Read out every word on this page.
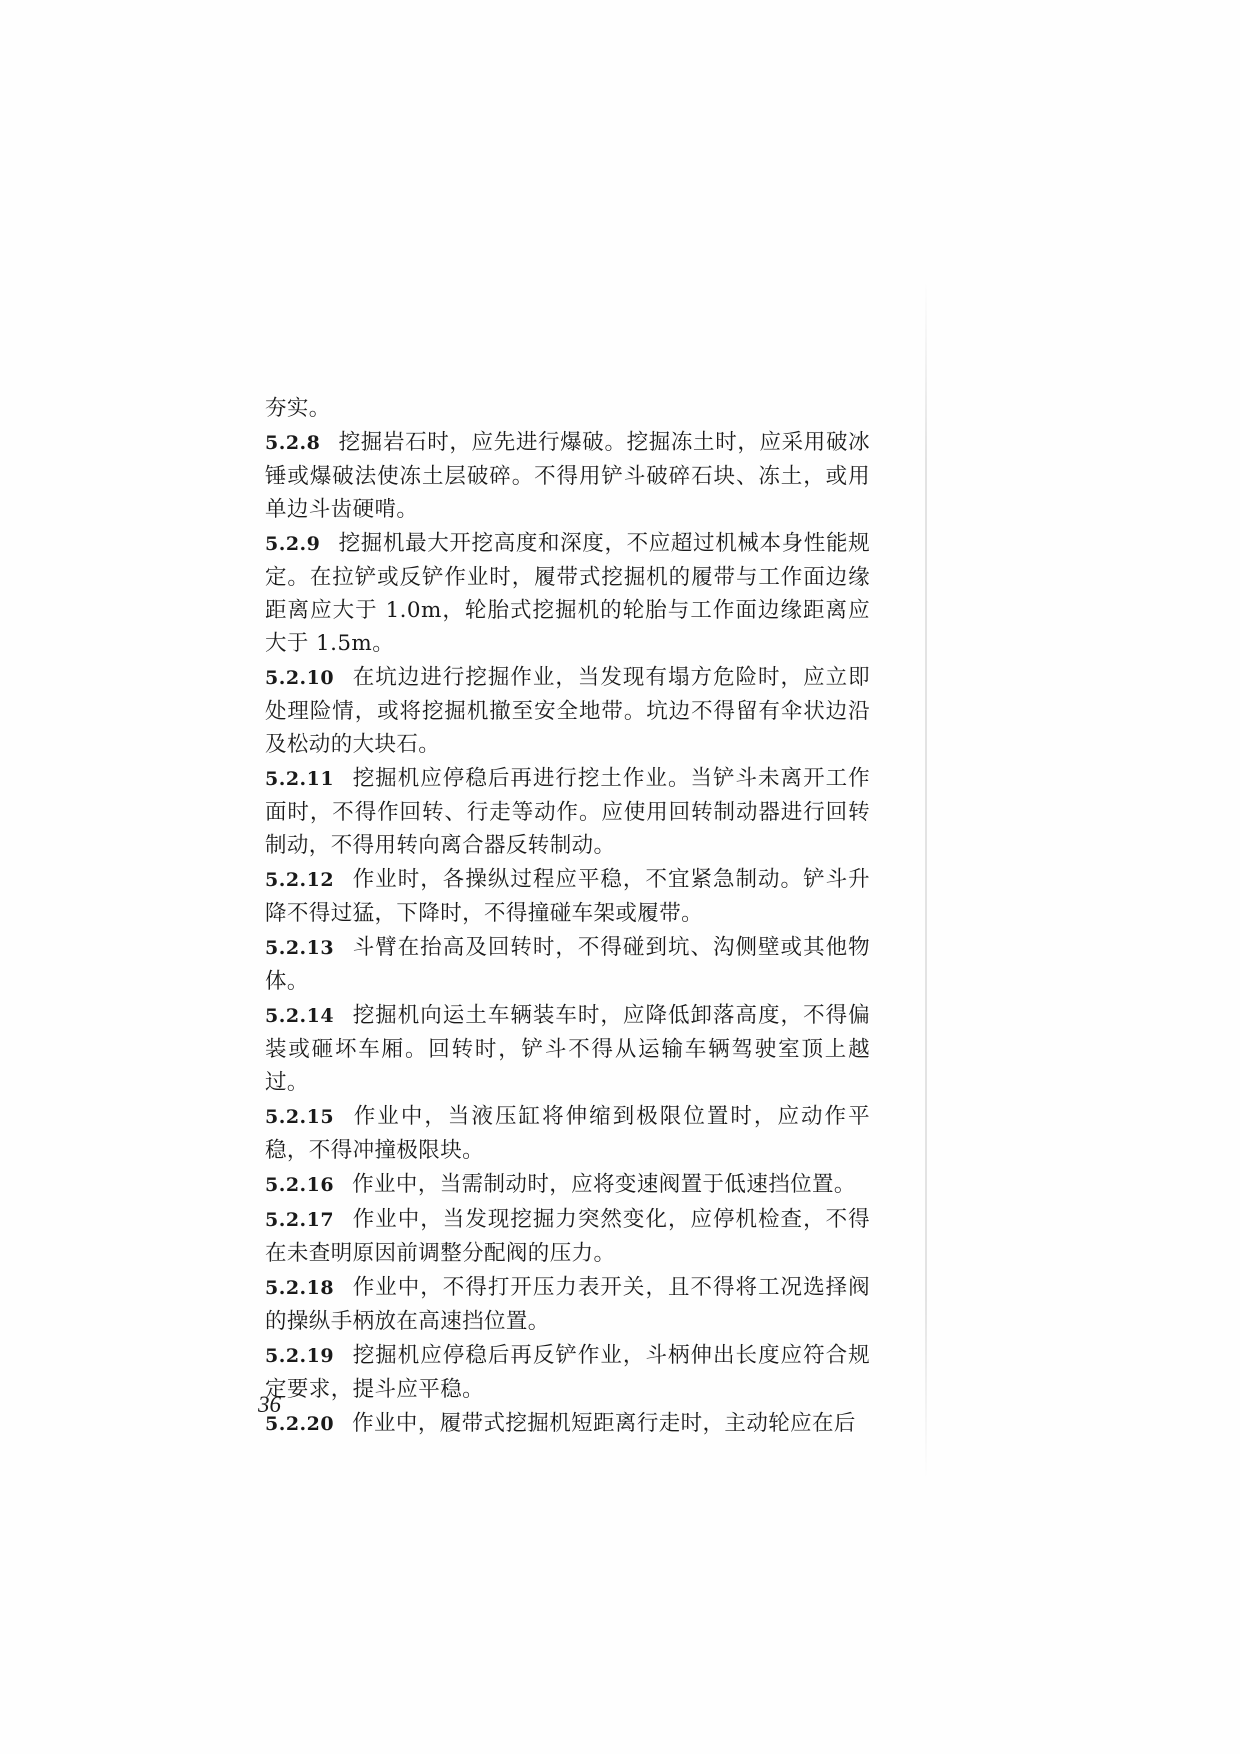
夯实。

5.2.8 挖掘岩石时，应先进行爆破。挖掘冻土时，应采用破冰锤或爆破法使冻土层破碎。不得用铲斗破碎石块、冻土，或用单边斗齿硬啃。

5.2.9 挖掘机最大开挖高度和深度，不应超过机械本身性能规定。在拉铲或反铲作业时，履带式挖掘机的履带与工作面边缘距离应大于 1.0m，轮胎式挖掘机的轮胎与工作面边缘距离应大于 1.5m。

5.2.10 在坑边进行挖掘作业，当发现有塌方危险时，应立即处理险情，或将挖掘机撤至安全地带。坑边不得留有伞状边沿及松动的大块石。

5.2.11 挖掘机应停稳后再进行挖土作业。当铲斗未离开工作面时，不得作回转、行走等动作。应使用回转制动器进行回转制动，不得用转向离合器反转制动。

5.2.12 作业时，各操纵过程应平稳，不宜紧急制动。铲斗升降不得过猛，下降时，不得撞碰车架或履带。

5.2.13 斗臂在抬高及回转时，不得碰到坑、沟侧壁或其他物体。

5.2.14 挖掘机向运土车辆装车时，应降低卸落高度，不得偏装或砸坏车厢。回转时，铲斗不得从运输车辆驾驶室顶上越过。

5.2.15 作业中，当液压缸将伸缩到极限位置时，应动作平稳，不得冲撞极限块。

5.2.16 作业中，当需制动时，应将变速阀置于低速挡位置。

5.2.17 作业中，当发现挖掘力突然变化，应停机检查，不得在未查明原因前调整分配阀的压力。

5.2.18 作业中，不得打开压力表开关，且不得将工况选择阀的操纵手柄放在高速挡位置。

5.2.19 挖掘机应停稳后再反铲作业，斗柄伸出长度应符合规定要求，提斗应平稳。

5.2.20 作业中，履带式挖掘机短距离行走时，主动轮应在后

36
